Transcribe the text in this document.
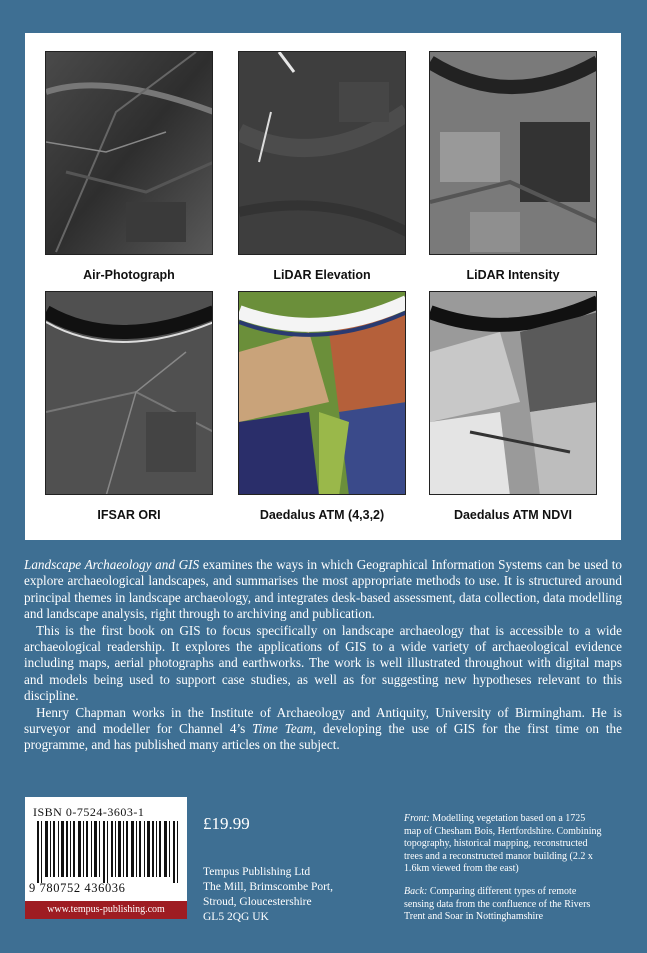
Air-Photograph	LiDAR Elevation	LiDAR Intensity
IFSAR ORI	Daedalus ATM (4,3,2)	Daedalus ATM NDVI

Landscape Archaeology and GIS examines the ways in which Geographical Information Systems can be used to explore archaeological landscapes, and summarises the most appropriate methods to use. It is structured around principal themes in landscape archaeology, and integrates desk-based assessment, data collection, data modelling and landscape analysis, right through to archiving and publication.

This is the first book on GIS to focus specifically on landscape archaeology that is accessible to a wide archaeological readership. It explores the applications of GIS to a wide variety of archaeological evidence including maps, aerial photographs and earthworks. The work is well illustrated throughout with digital maps and models being used to support case studies, as well as for suggesting new hypotheses relevant to this discipline.

Henry Chapman works in the Institute of Archaeology and Antiquity, University of Birmingham. He is surveyor and modeller for Channel 4’s Time Team, developing the use of GIS for the first time on the programme, and has published many articles on the subject.

ISBN 0-7524-3603-1
9 780752 436036
www.tempus-publishing.com
£19.99
Tempus Publishing Ltd
The Mill, Brimscombe Port,
Stroud, Gloucestershire
GL5 2QG UK

Front: Modelling vegetation based on a 1725 map of Chesham Bois, Hertfordshire. Combining topography, historical mapping, reconstructed trees and a reconstructed manor building (2.2 x 1.6km viewed from the east)

Back: Comparing different types of remote sensing data from the confluence of the Rivers Trent and Soar in Nottinghamshire
